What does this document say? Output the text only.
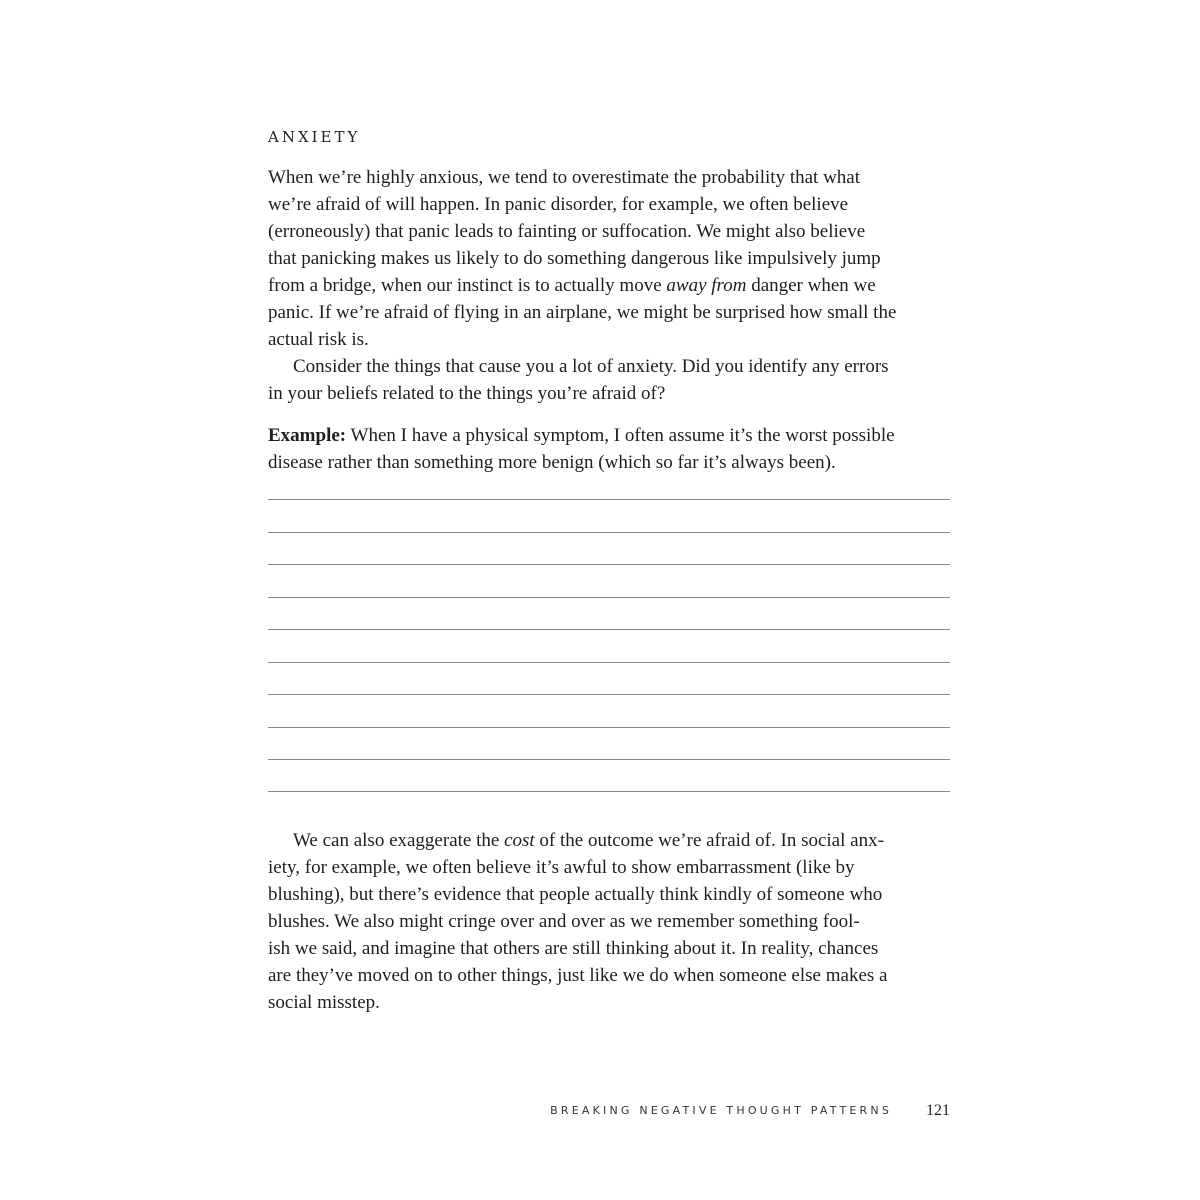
ANXIETY
When we’re highly anxious, we tend to overestimate the probability that what
we’re afraid of will happen. In panic disorder, for example, we often believe
(erroneously) that panic leads to fainting or suffocation. We might also believe
that panicking makes us likely to do something dangerous like impulsively jump
from a bridge, when our instinct is to actually move away from danger when we
panic. If we’re afraid of flying in an airplane, we might be surprised how small the
actual risk is.
Consider the things that cause you a lot of anxiety. Did you identify any errors
in your beliefs related to the things you’re afraid of?
Example: When I have a physical symptom, I often assume it’s the worst possible
disease rather than something more benign (which so far it’s always been).
We can also exaggerate the cost of the outcome we’re afraid of. In social anx-
iety, for example, we often believe it’s awful to show embarrassment (like by
blushing), but there’s evidence that people actually think kindly of someone who
blushes. We also might cringe over and over as we remember something fool-
ish we said, and imagine that others are still thinking about it. In reality, chances
are they’ve moved on to other things, just like we do when someone else makes a
social misstep.
BREAKING NEGATIVE THOUGHT PATTERNS 121
